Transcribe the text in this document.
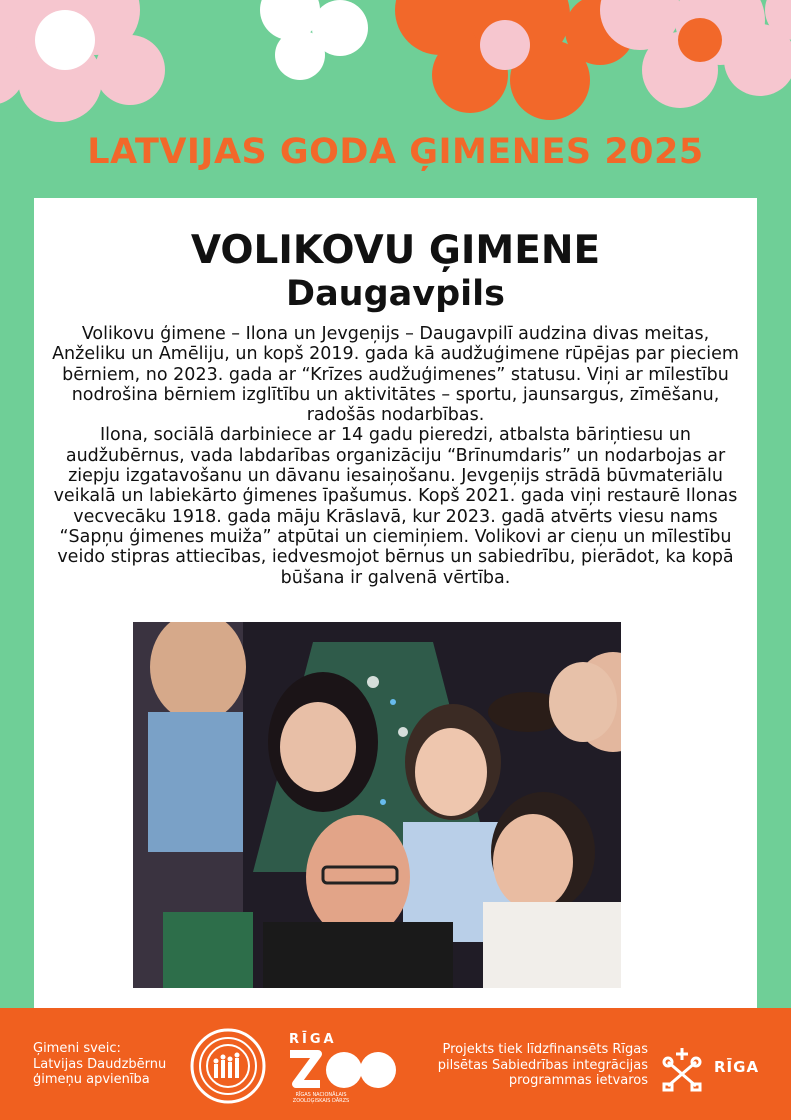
LATVIJAS GODA ĢIMENES 2025
VOLIKOVU ĢIMENE
Daugavpils

Volikovu ģimene – Ilona un Jevgeņijs – Daugavpilī audzina divas meitas, Anželiku un Amēliju, un kopš 2019. gada kā audžuģimene rūpējas par pieciem bērniem, no 2023. gada ar “Krīzes audžuģimenes” statusu. Viņi ar mīlestību nodrošina bērniem izglītību un aktivitātes – sportu, jaunsargus, zīmēšanu, radošās nodarbības.

Ilona, sociālā darbiniece ar 14 gadu pieredzi, atbalsta bāriņtiesu un audžubērnus, vada labdarības organizāciju “Brīnumdaris” un nodarbojas ar ziepju izgatavošanu un dāvanu iesaiņošanu. Jevgeņijs strādā būvmateriālu veikalā un labiekārto ģimenes īpašumus. Kopš 2021. gada viņi restaurē Ilonas vecvecāku 1918. gada māju Krāslavā, kur 2023. gadā atvērts viesu nams “Sapņu ģimenes muiža” atpūtai un ciemiņiem. Volikovi ar cieņu un mīlestību veido stipras attiecības, iedvesmojot bērnus un sabiedrību, pierādot, ka kopā būšana ir galvenā vērtība.

Ģimeni sveic:
Latvijas Daudzbērnu
ģimeņu apvienība
RĪGA
RĪGAS NACIONĀLAIS ZOOLOĢISKAIS DĀRZS
Projekts tiek līdzfinansēts Rīgas
pilsētas Sabiedrības integrācijas
programmas ietvaros
RĪGA
